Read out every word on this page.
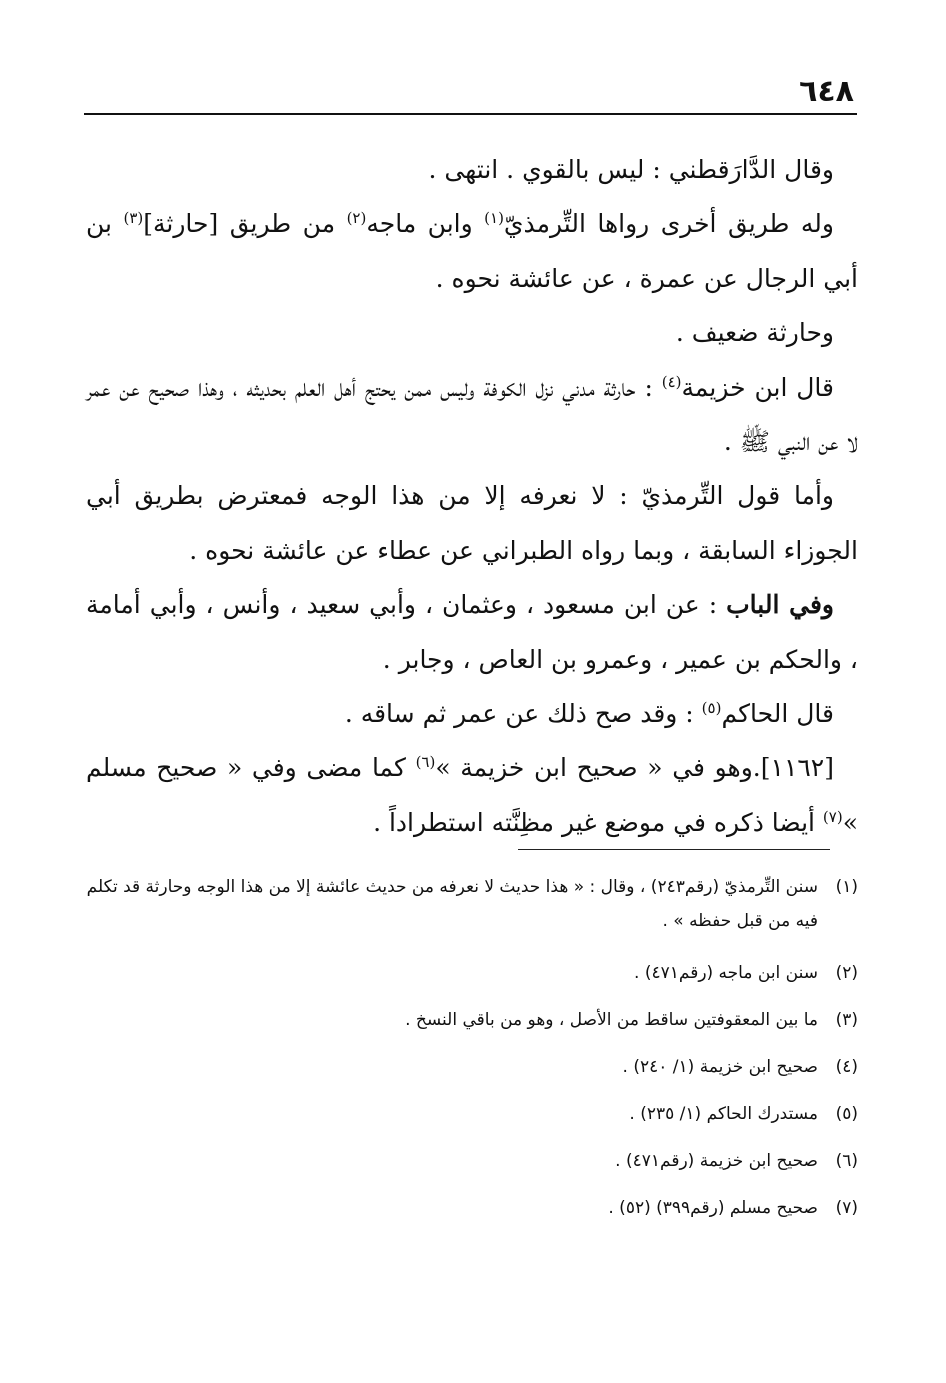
٦٤٨

وقال الدَّارَقطني : ليس بالقوي . انتهى .

وله طريق أخرى رواها التِّرمذيّ$^{(١)}$ وابن ماجه$^{(٢)}$ من طريق [حارثة]$^{(٣)}$ بن أبي الرجال عن عمرة ، عن عائشة نحوه .

وحارثة ضعيف .

قال ابن خزيمة$^{(٤)}$ : حارثة مدني نزل الكوفة وليس ممن يحتج أهل العلم بحديثه ، وهذا صحيح عن عمر لا عن النبي ﷺ .

وأما قول التِّرمذيّ : لا نعرفه إلا من هذا الوجه فمعترض بطريق أبي الجوزاء السابقة ، وبما رواه الطبراني عن عطاء عن عائشة نحوه .

وفي الباب : عن ابن مسعود ، وعثمان ، وأبي سعيد ، وأنس ، وأبي أمامة ، والحكم بن عمير ، وعمرو بن العاص ، وجابر .

قال الحاكم$^{(٥)}$ : وقد صح ذلك عن عمر ثم ساقه .

[١١٦٢].وهو في « صحيح ابن خزيمة »$^{(٦)}$ كما مضى وفي « صحيح مسلم »$^{(٧)}$ أيضا ذكره في موضع غير مظِنَّته استطراداً .

(١)
سنن التِّرمذيّ (رقم٢٤٣) ، وقال : « هذا حديث لا نعرفه من حديث عائشة إلا من هذا الوجه وحارثة قد تكلم فيه من قبل حفظه » .
(٢)
سنن ابن ماجه (رقم٤٧١) .
(٣)
ما بين المعقوفتين ساقط من الأصل ، وهو من باقي النسخ .
(٤)
صحيح ابن خزيمة (١/ ٢٤٠) .
(٥)
مستدرك الحاكم (١/ ٢٣٥) .
(٦)
صحيح ابن خزيمة (رقم٤٧١) .
(٧)
صحيح مسلم (رقم٣٩٩) (٥٢) .
